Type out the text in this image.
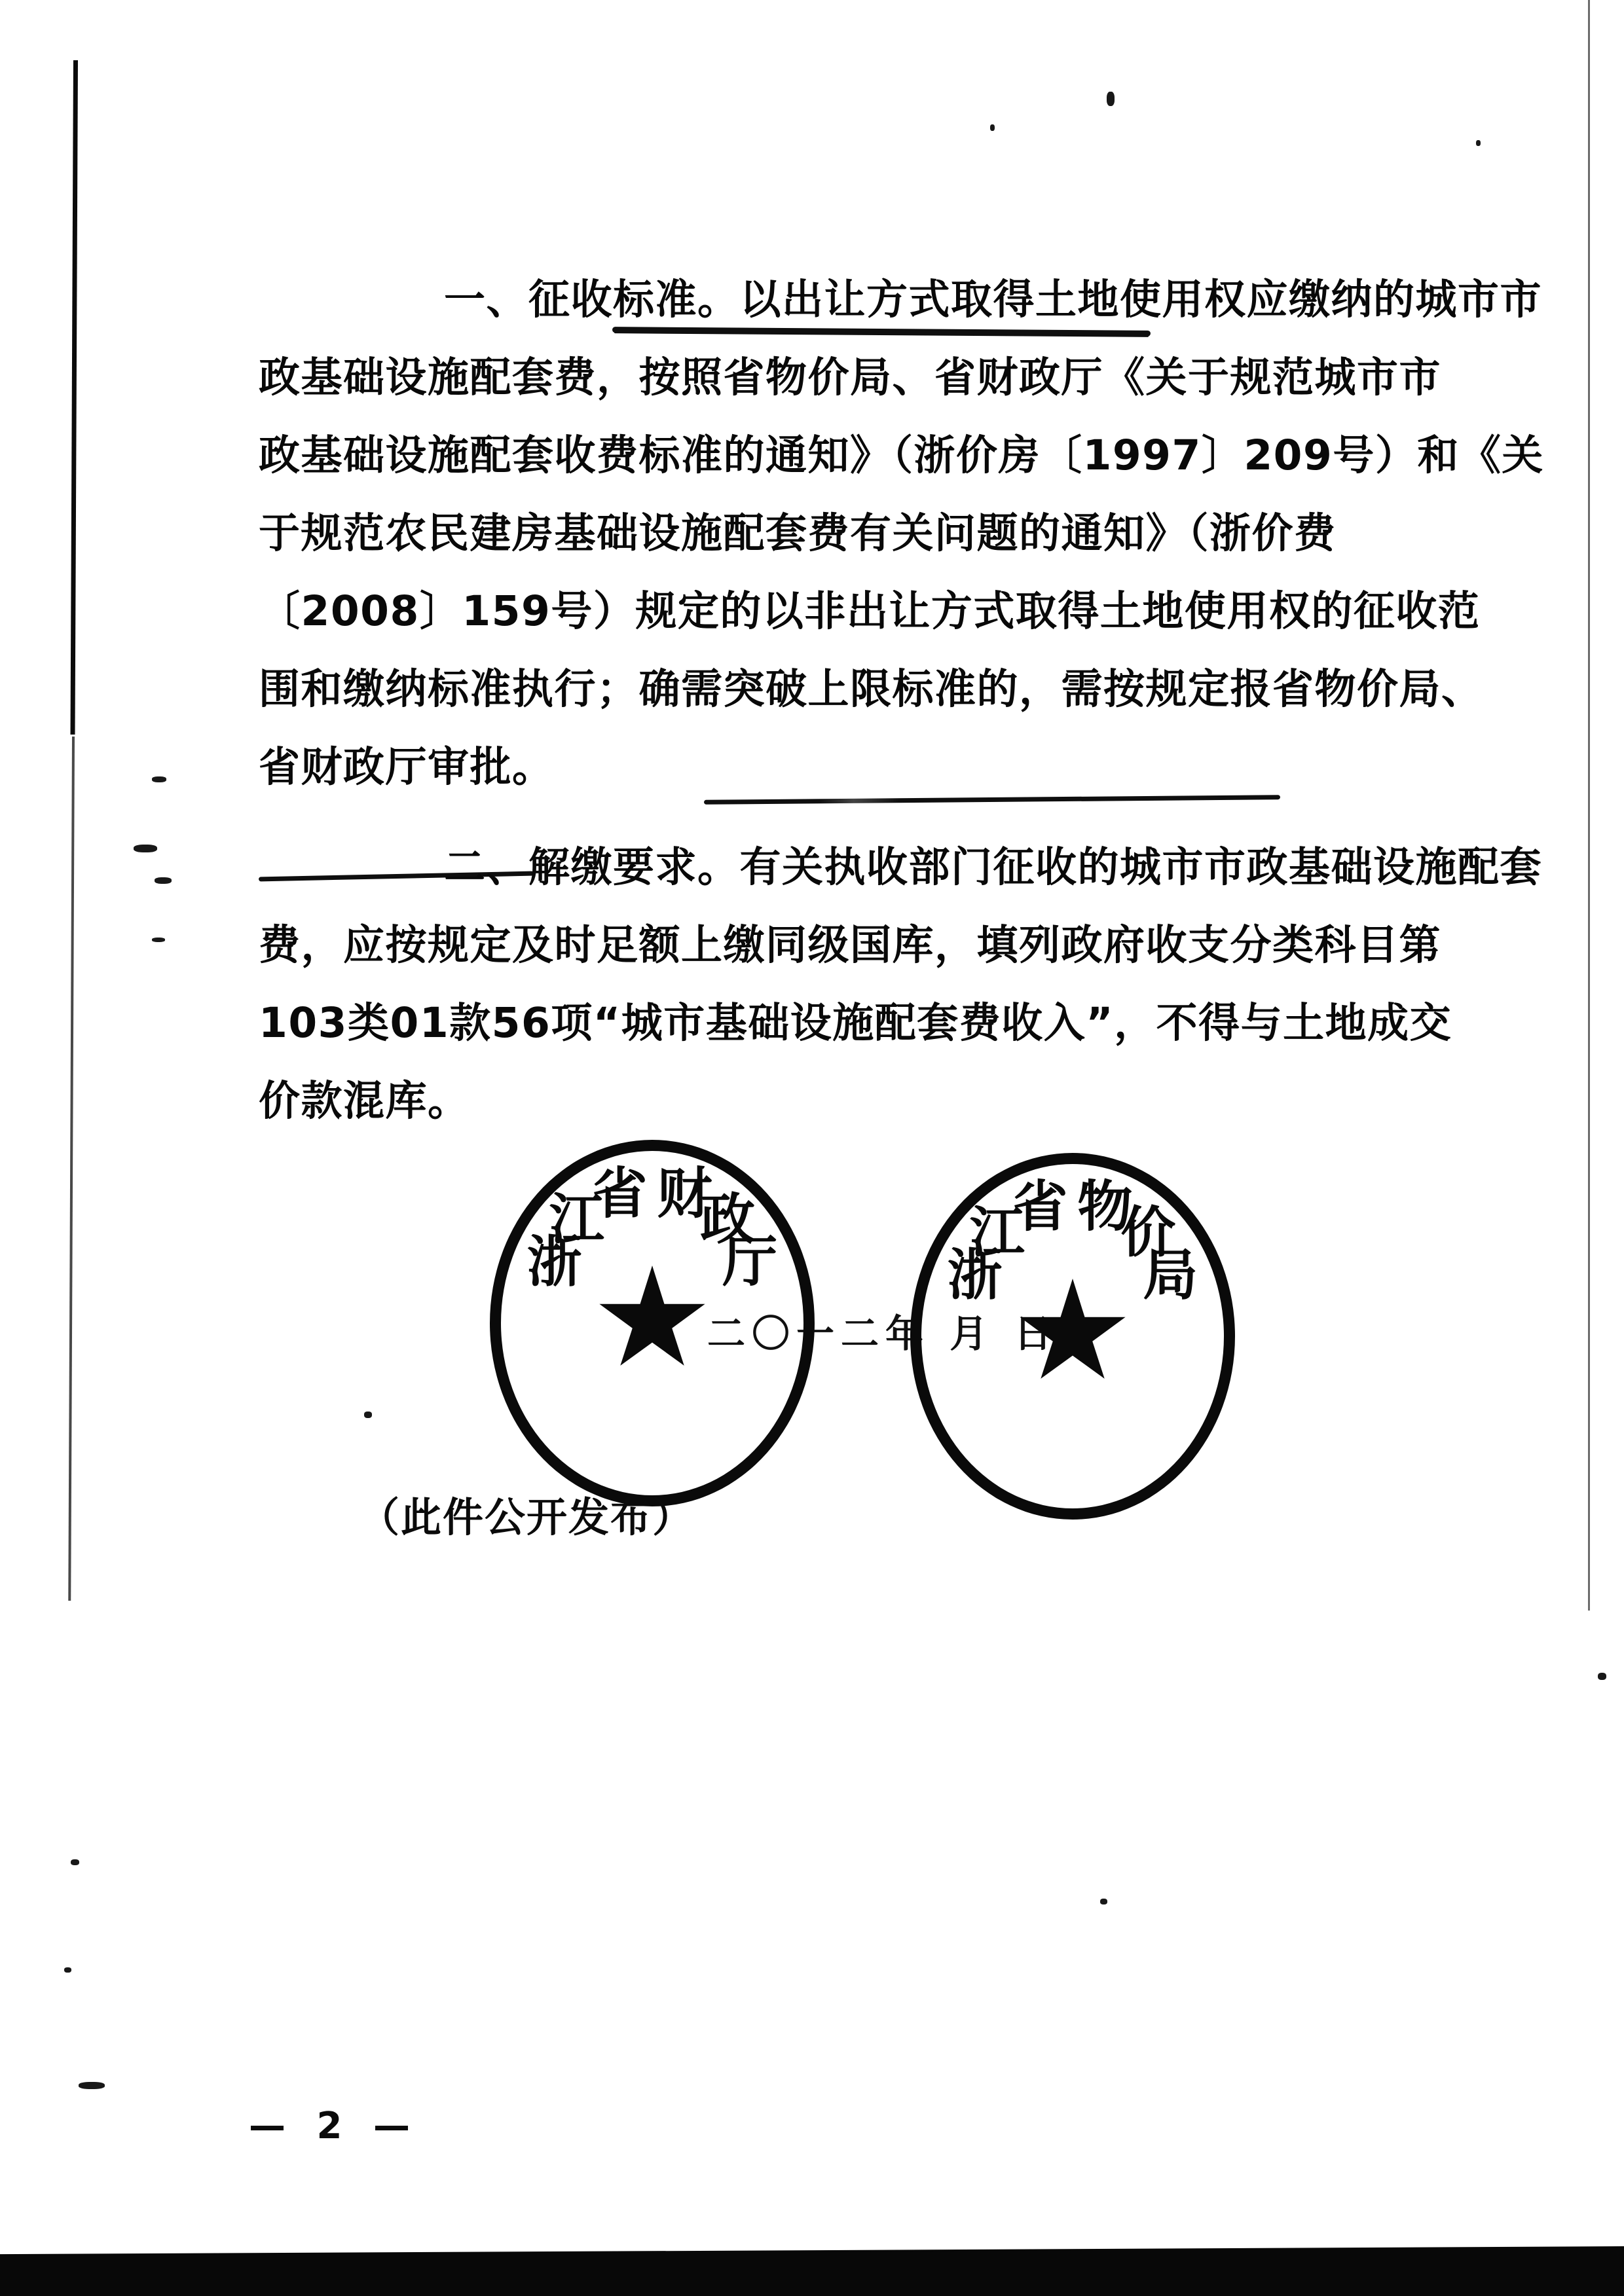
一、征收标准。以出让方式取得土地使用权应缴纳的城市市
政基础设施配套费，按照省物价局、省财政厅《关于规范城市市
政基础设施配套收费标准的通知》（浙价房〔1997〕209号）和《关
于规范农民建房基础设施配套费有关问题的通知》（浙价费
〔2008〕159号）规定的以非出让方式取得土地使用权的征收范
围和缴纳标准执行；确需突破上限标准的，需按规定报省物价局、
省财政厅审批。
二、解缴要求。有关执收部门征收的城市市政基础设施配套
费，应按规定及时足额上缴同级国库，填列政府收支分类科目第
103类01款56项“城市基础设施配套费收入”，不得与土地成交
价款混库。
浙
江
省 财
政
厅	浙
江
省 物
价
局
二〇一二年 月 日
（此件公开发布）
— 2 —
